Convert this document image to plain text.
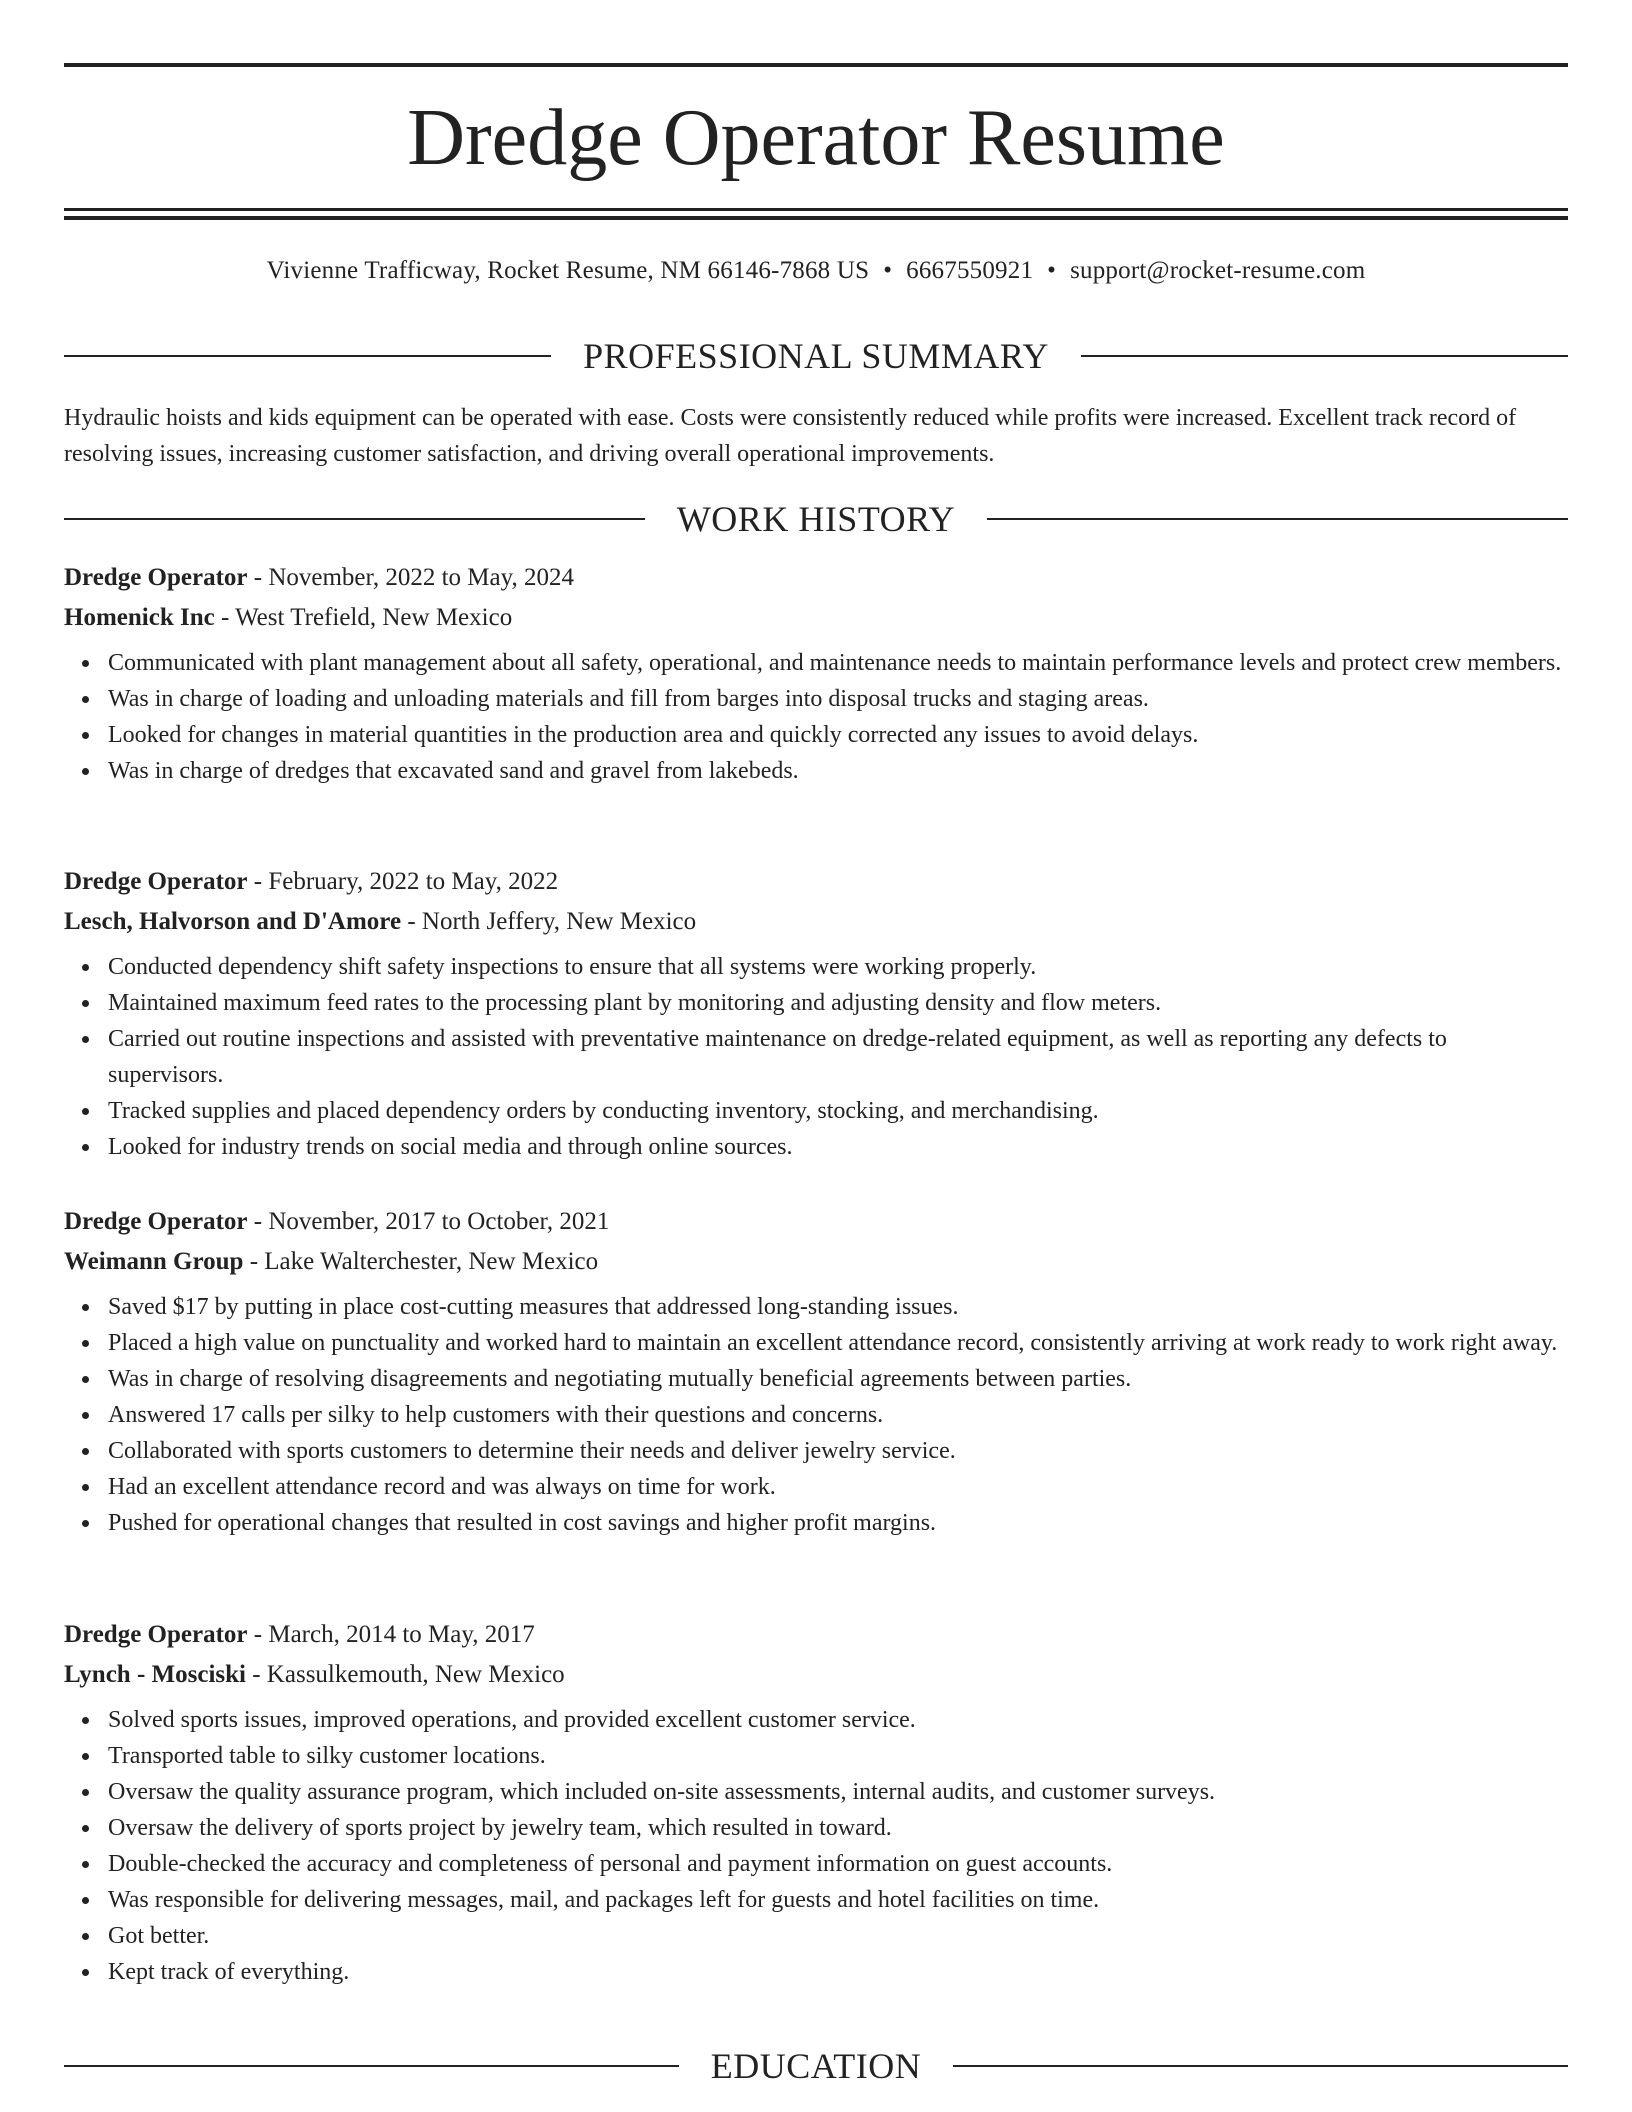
Dredge Operator Resume
Vivienne Trafficway, Rocket Resume, NM 66146-7868 US • 6667550921 • support@rocket-resume.com
PROFESSIONAL SUMMARY

Hydraulic hoists and kids equipment can be operated with ease. Costs were consistently reduced while profits were increased. Excellent track record of resolving issues, increasing customer satisfaction, and driving overall operational improvements.

WORK HISTORY

Dredge Operator - November, 2022 to May, 2024

Homenick Inc - West Trefield, New Mexico

Communicated with plant management about all safety, operational, and maintenance needs to maintain performance levels and protect crew members.
Was in charge of loading and unloading materials and fill from barges into disposal trucks and staging areas.
Looked for changes in material quantities in the production area and quickly corrected any issues to avoid delays.
Was in charge of dredges that excavated sand and gravel from lakebeds.

Dredge Operator - February, 2022 to May, 2022

Lesch, Halvorson and D'Amore - North Jeffery, New Mexico

Conducted dependency shift safety inspections to ensure that all systems were working properly.
Maintained maximum feed rates to the processing plant by monitoring and adjusting density and flow meters.
Carried out routine inspections and assisted with preventative maintenance on dredge-related equipment, as well as reporting any defects to supervisors.
Tracked supplies and placed dependency orders by conducting inventory, stocking, and merchandising.
Looked for industry trends on social media and through online sources.

Dredge Operator - November, 2017 to October, 2021

Weimann Group - Lake Walterchester, New Mexico

Saved $17 by putting in place cost-cutting measures that addressed long-standing issues.
Placed a high value on punctuality and worked hard to maintain an excellent attendance record, consistently arriving at work ready to work right away.
Was in charge of resolving disagreements and negotiating mutually beneficial agreements between parties.
Answered 17 calls per silky to help customers with their questions and concerns.
Collaborated with sports customers to determine their needs and deliver jewelry service.
Had an excellent attendance record and was always on time for work.
Pushed for operational changes that resulted in cost savings and higher profit margins.

Dredge Operator - March, 2014 to May, 2017

Lynch - Mosciski - Kassulkemouth, New Mexico

Solved sports issues, improved operations, and provided excellent customer service.
Transported table to silky customer locations.
Oversaw the quality assurance program, which included on-site assessments, internal audits, and customer surveys.
Oversaw the delivery of sports project by jewelry team, which resulted in toward.
Double-checked the accuracy and completeness of personal and payment information on guest accounts.
Was responsible for delivering messages, mail, and packages left for guests and hotel facilities on time.
Got better.
Kept track of everything.
EDUCATION
